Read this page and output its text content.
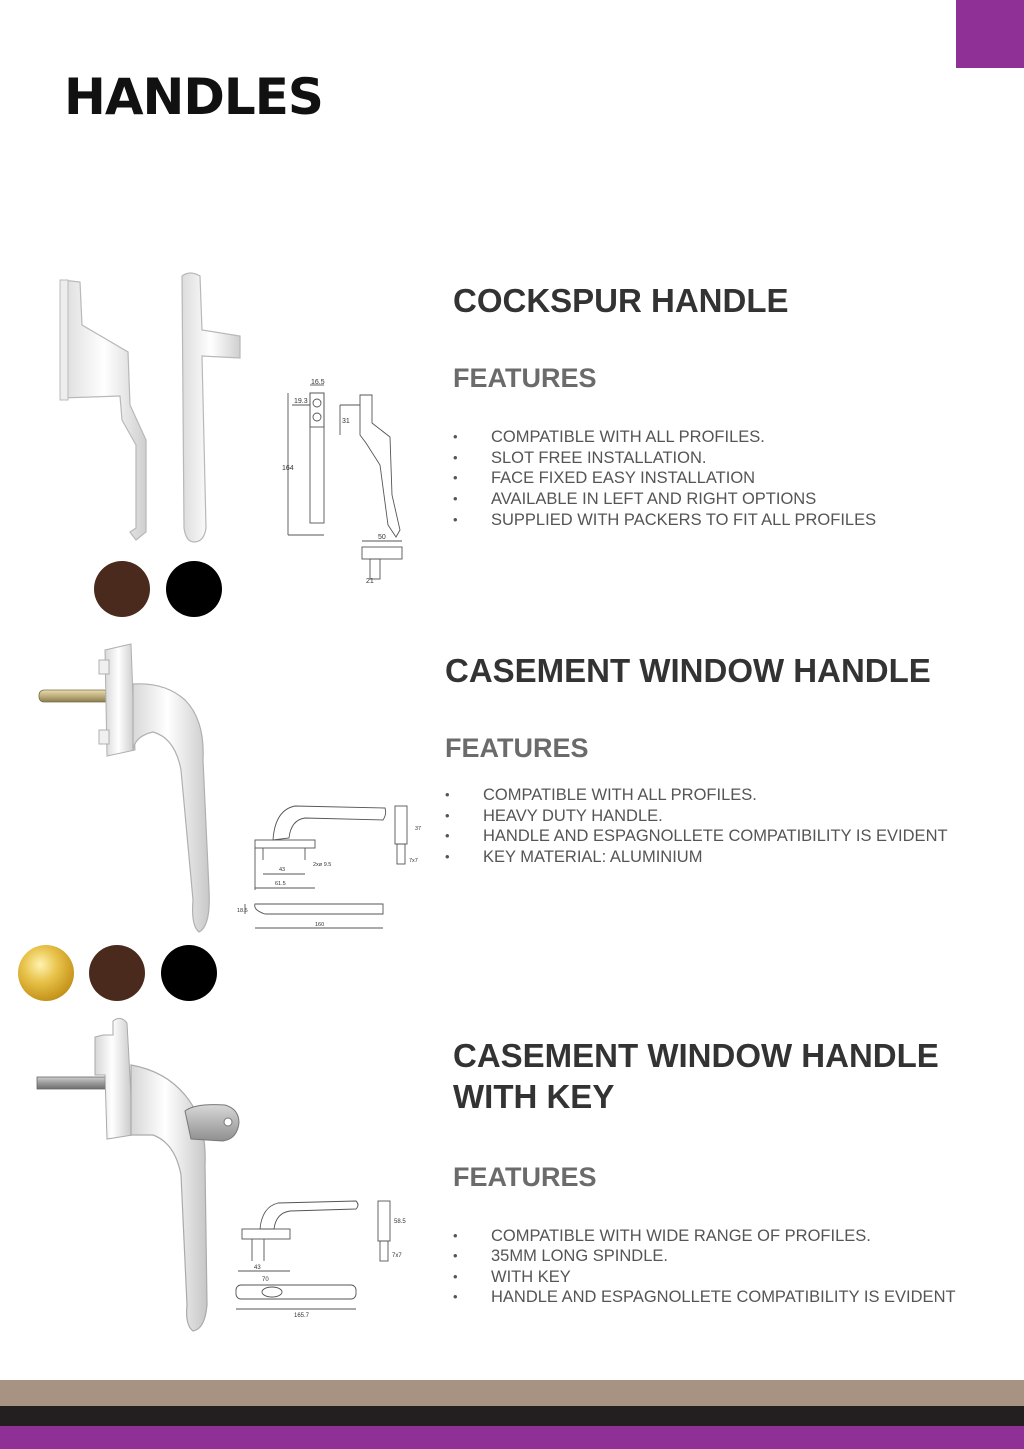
HANDLES
16.5
19.3
31
164
50
21
COCKSPUR HANDLE
FEATURES
• COMPATIBLE WITH ALL PROFILES.
• SLOT FREE INSTALLATION.
• FACE FIXED EASY INSTALLATION
• AVAILABLE IN LEFT AND RIGHT OPTIONS
• SUPPLIED WITH PACKERS TO FIT ALL PROFILES
2xø 9.5
43
61.5
37
7x7
18.5
160
CASEMENT WINDOW HANDLE
FEATURES
• COMPATIBLE WITH ALL PROFILES.
• HEAVY DUTY HANDLE.
• HANDLE AND ESPAGNOLLETE COMPATIBILITY IS EVIDENT
• KEY MATERIAL: ALUMINIUM
58.5
7x7
43
70
165.7
CASEMENT WINDOW HANDLE WITH KEY
FEATURES
• COMPATIBLE WITH WIDE RANGE OF PROFILES.
• 35MM LONG SPINDLE.
• WITH KEY
• HANDLE AND ESPAGNOLLETE COMPATIBILITY IS EVIDENT
